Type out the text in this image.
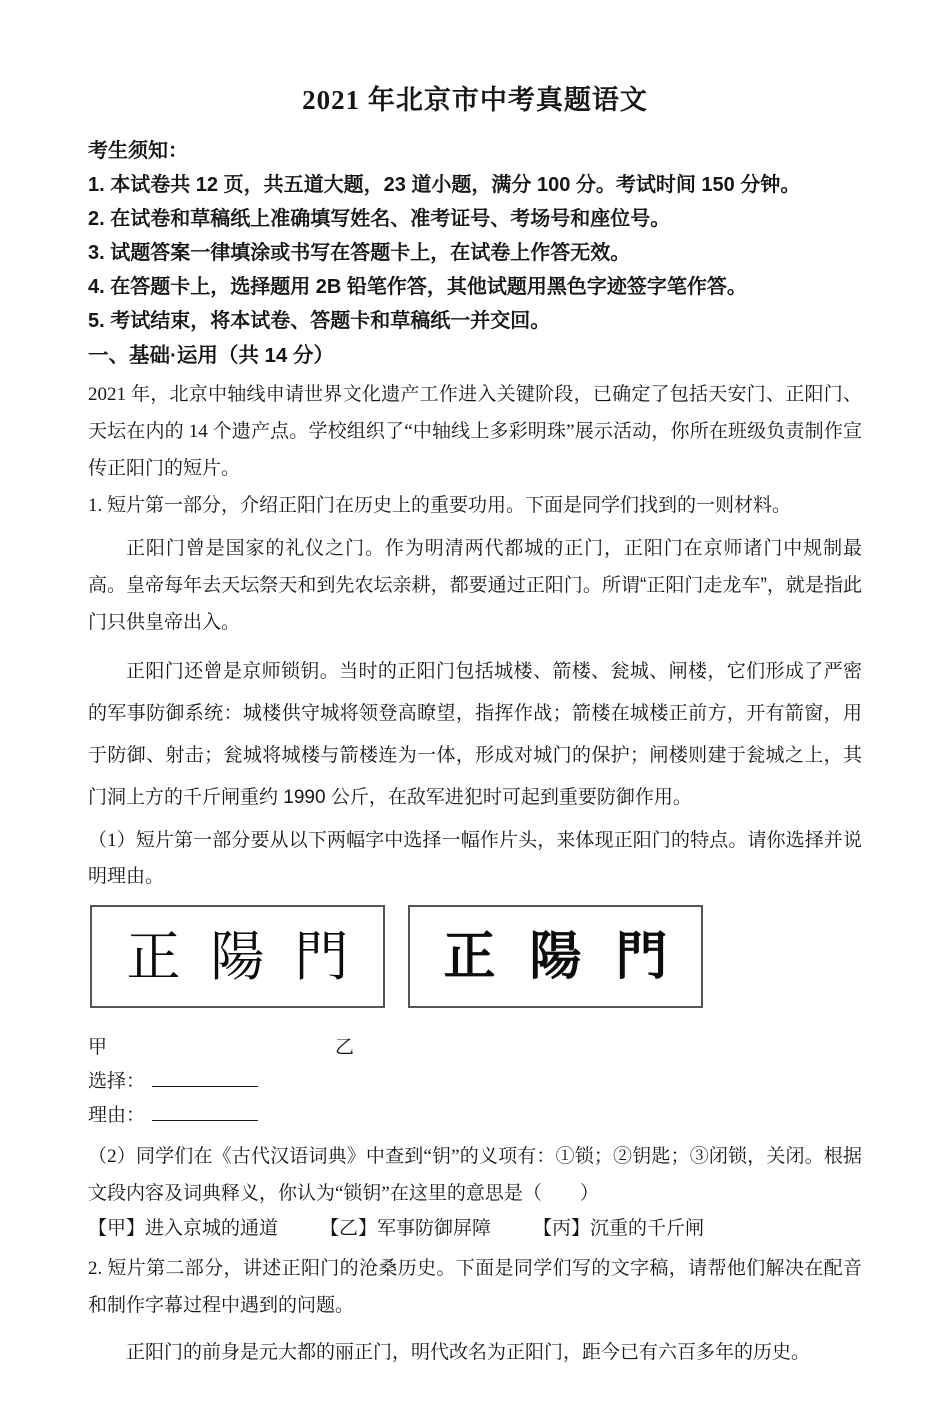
2021 年北京市中考真题语文
考生须知：
1. 本试卷共 12 页，共五道大题，23 道小题，满分 100 分。考试时间 150 分钟。
2. 在试卷和草稿纸上准确填写姓名、准考证号、考场号和座位号。
3. 试题答案一律填涂或书写在答题卡上，在试卷上作答无效。
4. 在答题卡上，选择题用 2B 铅笔作答，其他试题用黑色字迹签字笔作答。
5. 考试结束，将本试卷、答题卡和草稿纸一并交回。
一、基础·运用（共 14 分）

2021 年，北京中轴线申请世界文化遗产工作进入关键阶段，已确定了包括天安门、正阳门、天坛在内的 14 个遗产点。学校组织了“中轴线上多彩明珠”展示活动，你所在班级负责制作宣传正阳门的短片。

1. 短片第一部分，介绍正阳门在历史上的重要功用。下面是同学们找到的一则材料。

正阳门曾是国家的礼仪之门。作为明清两代都城的正门，正阳门在京师诸门中规制最高。皇帝每年去天坛祭天和到先农坛亲耕，都要通过正阳门。所谓“正阳门走龙车”，就是指此门只供皇帝出入。

正阳门还曾是京师锁钥。当时的正阳门包括城楼、箭楼、瓮城、闸楼，它们形成了严密的军事防御系统：城楼供守城将领登高瞭望，指挥作战；箭楼在城楼正前方，开有箭窗，用于防御、射击；瓮城将城楼与箭楼连为一体，形成对城门的保护；闸楼则建于瓮城之上，其门洞上方的千斤闸重约 1990 公斤，在敌军进犯时可起到重要防御作用。

（1）短片第一部分要从以下两幅字中选择一幅作片头，来体现正阳门的特点。请你选择并说明理由。

正陽門	正陽門
甲	乙
选择：
理由：

（2）同学们在《古代汉语词典》中查到“钥”的义项有：①锁；②钥匙；③闭锁，关闭。根据文段内容及词典释义，你认为“锁钥”在这里的意思是（　　）

【甲】进入京城的通道 【乙】军事防御屏障 【丙】沉重的千斤闸

2. 短片第二部分，讲述正阳门的沧桑历史。下面是同学们写的文字稿，请帮他们解决在配音和制作字幕过程中遇到的问题。

正阳门的前身是元大都的丽正门，明代改名为正阳门，距今已有六百多年的历史。
